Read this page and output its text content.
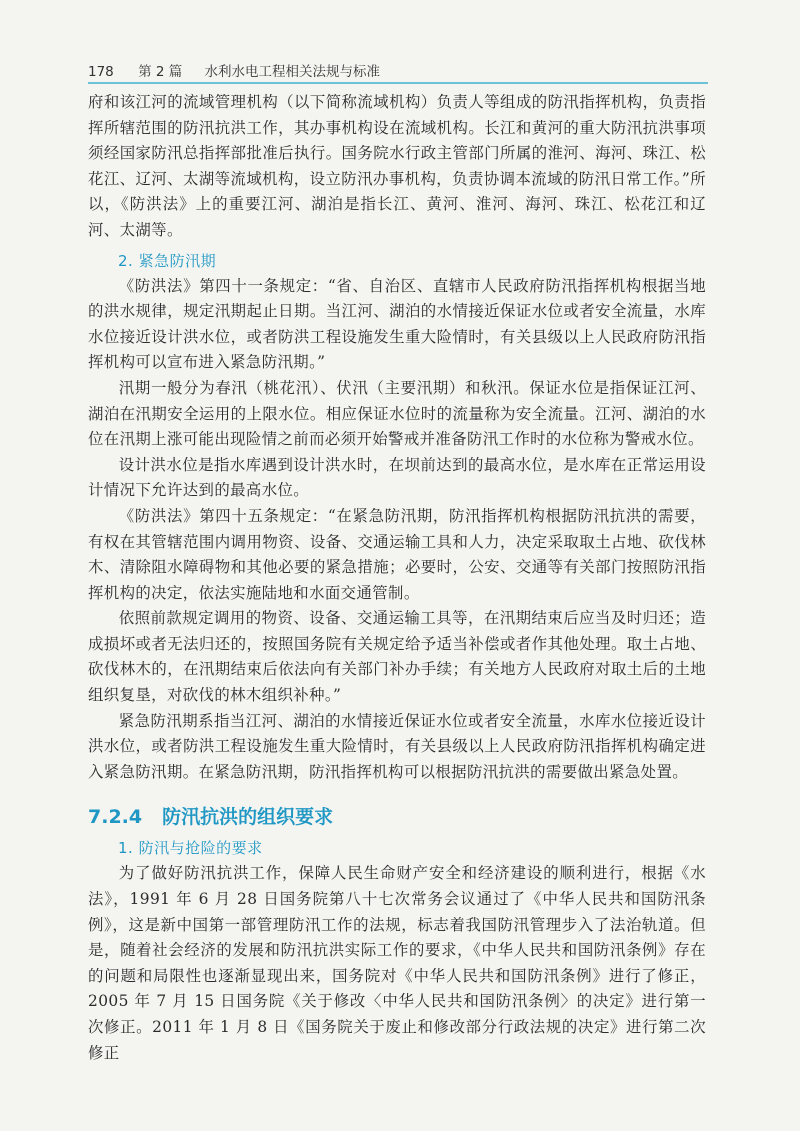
178 第 2 篇 水利水电工程相关法规与标准

府和该江河的流域管理机构（以下简称流域机构）负责人等组成的防汛指挥机构，负责指挥所辖范围的防汛抗洪工作，其办事机构设在流域机构。长江和黄河的重大防汛抗洪事项须经国家防汛总指挥部批准后执行。国务院水行政主管部门所属的淮河、海河、珠江、松花江、辽河、太湖等流域机构，设立防汛办事机构，负责协调本流域的防汛日常工作。”所以，《防洪法》上的重要江河、湖泊是指长江、黄河、淮河、海河、珠江、松花江和辽河、太湖等。

2. 紧急防汛期

《防洪法》第四十一条规定：“省、自治区、直辖市人民政府防汛指挥机构根据当地的洪水规律，规定汛期起止日期。当江河、湖泊的水情接近保证水位或者安全流量，水库水位接近设计洪水位，或者防洪工程设施发生重大险情时，有关县级以上人民政府防汛指挥机构可以宣布进入紧急防汛期。”

汛期一般分为春汛（桃花汛）、伏汛（主要汛期）和秋汛。保证水位是指保证江河、湖泊在汛期安全运用的上限水位。相应保证水位时的流量称为安全流量。江河、湖泊的水位在汛期上涨可能出现险情之前而必须开始警戒并准备防汛工作时的水位称为警戒水位。

设计洪水位是指水库遇到设计洪水时，在坝前达到的最高水位，是水库在正常运用设计情况下允许达到的最高水位。

《防洪法》第四十五条规定：“在紧急防汛期，防汛指挥机构根据防汛抗洪的需要，有权在其管辖范围内调用物资、设备、交通运输工具和人力，决定采取取土占地、砍伐林木、清除阻水障碍物和其他必要的紧急措施；必要时，公安、交通等有关部门按照防汛指挥机构的决定，依法实施陆地和水面交通管制。

依照前款规定调用的物资、设备、交通运输工具等，在汛期结束后应当及时归还；造成损坏或者无法归还的，按照国务院有关规定给予适当补偿或者作其他处理。取土占地、砍伐林木的，在汛期结束后依法向有关部门补办手续；有关地方人民政府对取土后的土地组织复垦，对砍伐的林木组织补种。”

紧急防汛期系指当江河、湖泊的水情接近保证水位或者安全流量，水库水位接近设计洪水位，或者防洪工程设施发生重大险情时，有关县级以上人民政府防汛指挥机构确定进入紧急防汛期。在紧急防汛期，防汛指挥机构可以根据防汛抗洪的需要做出紧急处置。

7.2.4 防汛抗洪的组织要求
1. 防汛与抢险的要求

为了做好防汛抗洪工作，保障人民生命财产安全和经济建设的顺利进行，根据《水法》，1991 年 6 月 28 日国务院第八十七次常务会议通过了《中华人民共和国防汛条例》，这是新中国第一部管理防汛工作的法规，标志着我国防汛管理步入了法治轨道。但是，随着社会经济的发展和防汛抗洪实际工作的要求，《中华人民共和国防汛条例》存在的问题和局限性也逐渐显现出来，国务院对《中华人民共和国防汛条例》进行了修正，2005 年 7 月 15 日国务院《关于修改〈中华人民共和国防汛条例〉的决定》进行第一次修正。2011 年 1 月 8 日《国务院关于废止和修改部分行政法规的决定》进行第二次修正
